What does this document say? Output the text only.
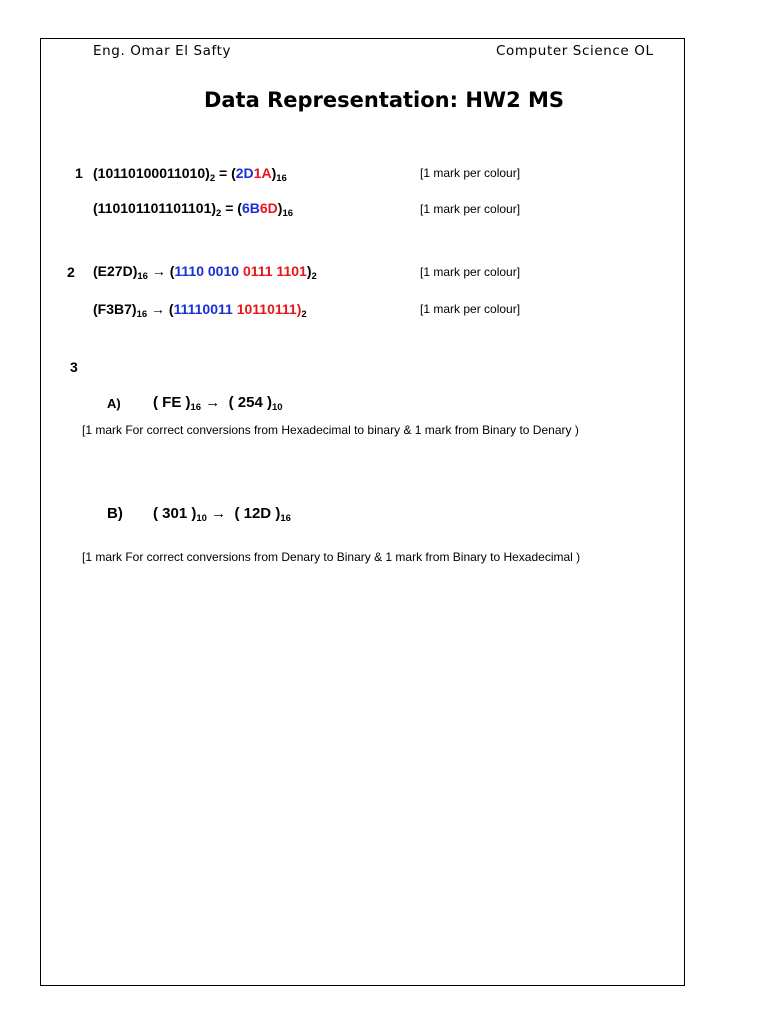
Eng. Omar El Safty	Computer Science OL
Data Representation: HW2 MS
1 $(10110100011010)_2 = (2D1A)_{16}$	[1 mark per colour]
$(110101101101101)_2 = (6B6D)_{16}$	[1 mark per colour]
2 $(E27D)_{16} \to (1110$ 0010 0111 $1101)_2$	[1 mark per colour]
$(F3B7)_{16} \to (11110011$ $10110111)_2$	[1 mark per colour]
3
A) ( FE )$_{16}$ →  ( 254 )$_{10}$
[1 mark For correct conversions from Hexadecimal to binary & 1 mark from Binary to Denary )
B) ( 301 )$_{10}$ →  ( 12D )$_{16}$
[1 mark For correct conversions from Denary to Binary & 1 mark from Binary to Hexadecimal )
